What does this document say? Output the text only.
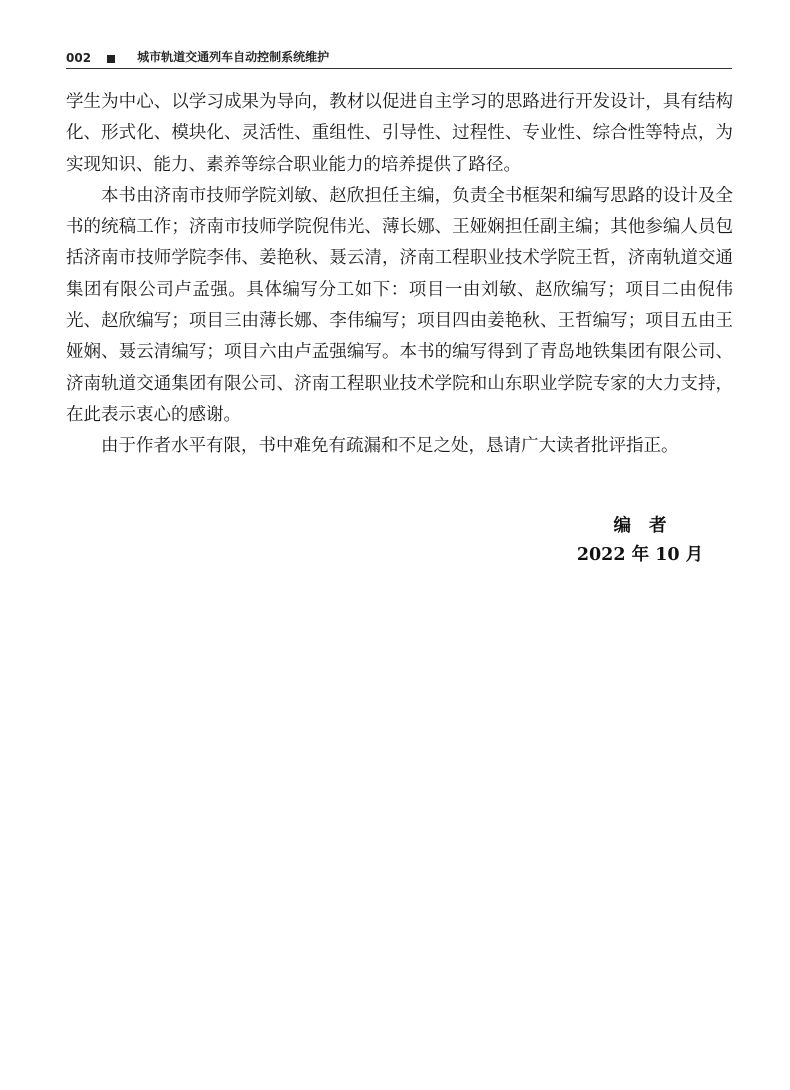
002	城市轨道交通列车自动控制系统维护

学生为中心、以学习成果为导向，教材以促进自主学习的思路进行开发设计，具有结构化、形式化、模块化、灵活性、重组性、引导性、过程性、专业性、综合性等特点，为实现知识、能力、素养等综合职业能力的培养提供了路径。

本书由济南市技师学院刘敏、赵欣担任主编，负责全书框架和编写思路的设计及全书的统稿工作；济南市技师学院倪伟光、薄长娜、王娅娴担任副主编；其他参编人员包括济南市技师学院李伟、姜艳秋、聂云清，济南工程职业技术学院王哲，济南轨道交通集团有限公司卢孟强。具体编写分工如下：项目一由刘敏、赵欣编写；项目二由倪伟光、赵欣编写；项目三由薄长娜、李伟编写；项目四由姜艳秋、王哲编写；项目五由王娅娴、聂云清编写；项目六由卢孟强编写。本书的编写得到了青岛地铁集团有限公司、济南轨道交通集团有限公司、济南工程职业技术学院和山东职业学院专家的大力支持，在此表示衷心的感谢。

由于作者水平有限，书中难免有疏漏和不足之处，恳请广大读者批评指正。

编者
2022 年 10 月
